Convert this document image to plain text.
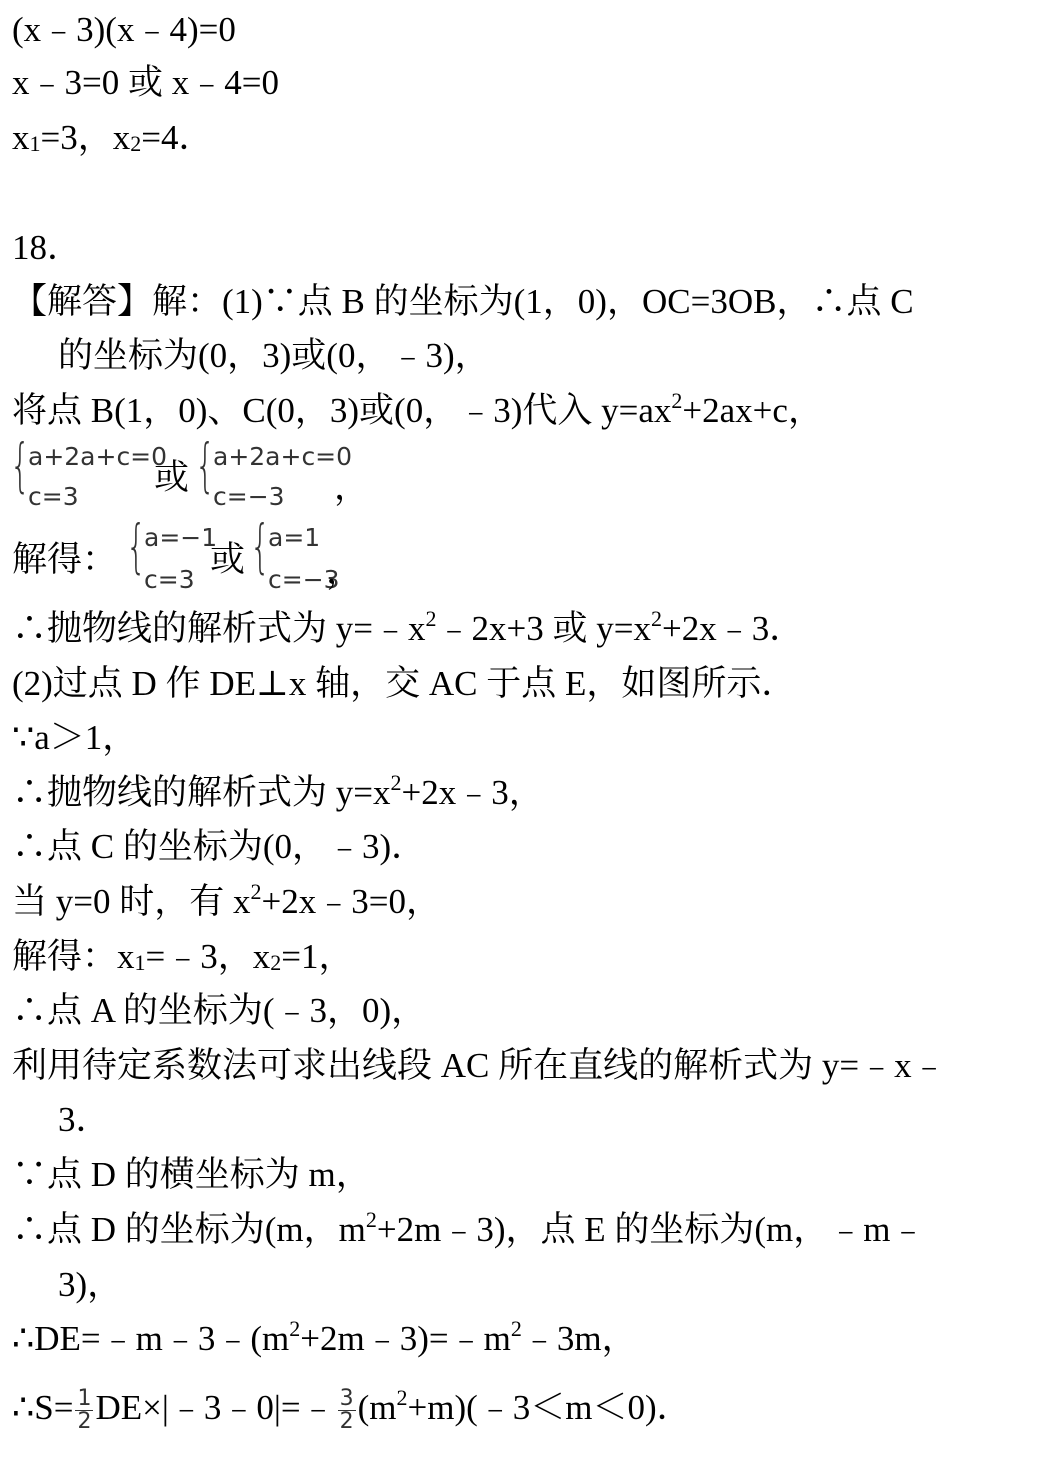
(x﹣3)(x﹣4)=0
x﹣3=0 或 x﹣4=0
$x_1=3$，$x_2=4$．
18．
【解答】解：(1)∵点 B 的坐标为(1，0)，OC=3OB，∴点 C
的坐标为(0，3)或(0，﹣3)，
将点 B(1，0)、C(0，3)或(0，﹣3)代入 $y=ax^2+2ax+c$，
{
a+2a+c=0
c=3 或 {
a+2a+c=0
c=−3 ，
解得： {
a=−1
c=3
或 {
a=1
c=−3
，
∴抛物线的解析式为 $y=﹣x^2﹣2x+3$ 或 $y=x^2+2x﹣3$．
(2)过点 D 作 DE⊥x 轴，交 AC 于点 E，如图所示．
∵a＞1，
∴抛物线的解析式为 $y=x^2+2x﹣3$，
∴点 C 的坐标为(0，﹣3)．
当 y=0 时，有 $x^2+2x﹣3=0$，
解得：$x_1=﹣3$，$x_2=1$，
∴点 A 的坐标为(﹣3，0)，
利用待定系数法可求出线段 AC 所在直线的解析式为 y=﹣x﹣
3．
∵点 D 的横坐标为 m，
∴点 D 的坐标为(m，$m^2+2m﹣3$)，点 E 的坐标为(m，﹣m﹣
3)，
$\therefore DE=﹣m﹣3﹣(m^2+2m﹣3)=﹣m^2﹣3m$，
∴S= $\frac{1}{2}$ DE×|﹣3﹣0|=﹣ $\frac{3}{2}$ $(m^2+m)(﹣3<m<0)$．
